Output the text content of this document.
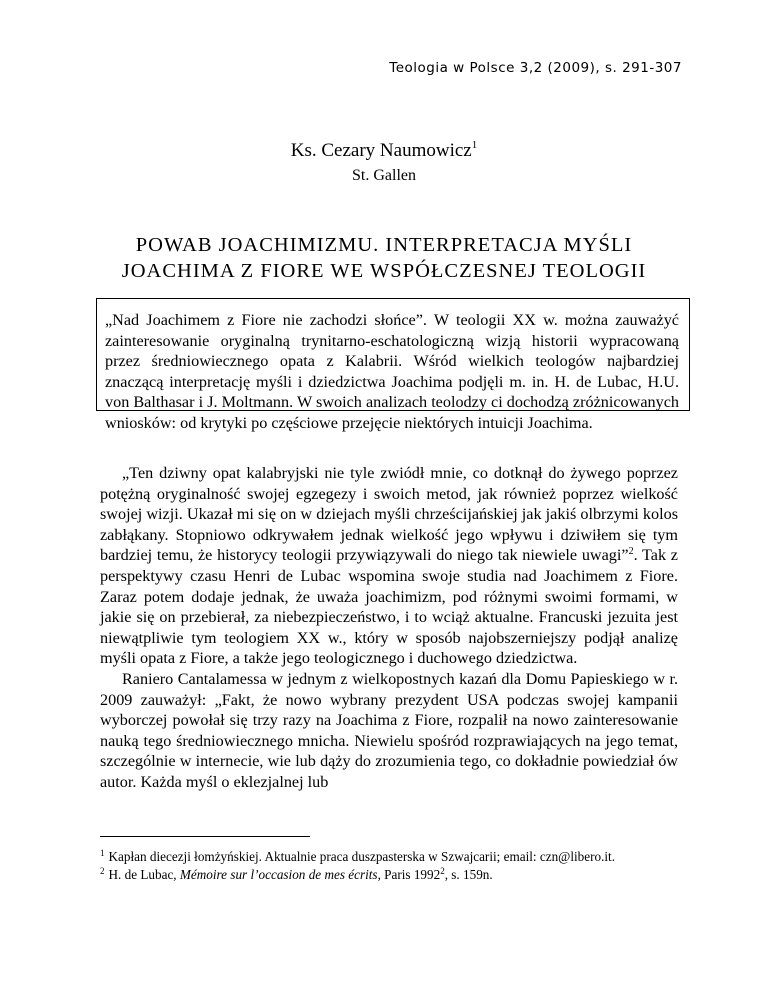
Teologia w Polsce 3,2 (2009), s. 291-307
Ks. Cezary Naumowicz$^1$
St. Gallen
POWAB JOACHIMIZMU. INTERPRETACJA MYŚLI
JOACHIMA Z FIORE WE WSPÓŁCZESNEJ TEOLOGII

„Nad Joachimem z Fiore nie zachodzi słońce”. W teologii XX w. można zauważyć zainteresowanie oryginalną trynitarno-eschatologiczną wizją historii wypracowaną przez średniowiecznego opata z Kalabrii. Wśród wielkich teologów najbardziej znaczącą interpretację myśli i dziedzictwa Joachima podjęli m. in. H. de Lubac, H.U. von Balthasar i J. Moltmann. W swoich analizach teolodzy ci dochodzą zróżnicowanych wniosków: od krytyki po częściowe przejęcie niektórych intuicji Joachima.

„Ten dziwny opat kalabryjski nie tyle zwiódł mnie, co dotknął do żywego poprzez potężną oryginalność swojej egzegezy i swoich metod, jak również poprzez wielkość swojej wizji. Ukazał mi się on w dziejach myśli chrześcijańskiej jak jakiś olbrzymi kolos zabłąkany. Stopniowo odkrywałem jednak wielkość jego wpływu i dziwiłem się tym bardziej temu, że historycy teologii przywiązywali do niego tak niewiele uwagi”$^2$. Tak z perspektywy czasu Henri de Lubac wspomina swoje studia nad Joachimem z Fiore. Zaraz potem dodaje jednak, że uważa joachimizm, pod różnymi swoimi formami, w jakie się on przebierał, za niebezpieczeństwo, i to wciąż aktualne. Francuski jezuita jest niewątpliwie tym teologiem XX w., który w sposób najobszerniejszy podjął analizę myśli opata z Fiore, a także jego teologicznego i duchowego dziedzictwa.

Raniero Cantalamessa w jednym z wielkopostnych kazań dla Domu Papieskiego w r. 2009 zauważył: „Fakt, że nowo wybrany prezydent USA podczas swojej kampanii wyborczej powołał się trzy razy na Joachima z Fiore, rozpalił na nowo zainteresowanie nauką tego średniowiecznego mnicha. Niewielu spośród rozprawiających na jego temat, szczególnie w internecie, wie lub dąży do zrozumienia tego, co dokładnie powiedział ów autor. Każda myśl o eklezjalnej lub

$^1$ Kapłan diecezji łomżyńskiej. Aktualnie praca duszpasterska w Szwajcarii; email: czn@libero.it.
$^2$ H. de Lubac, Mémoire sur l’occasion de mes écrits, Paris 1992$^2$, s. 159n.
